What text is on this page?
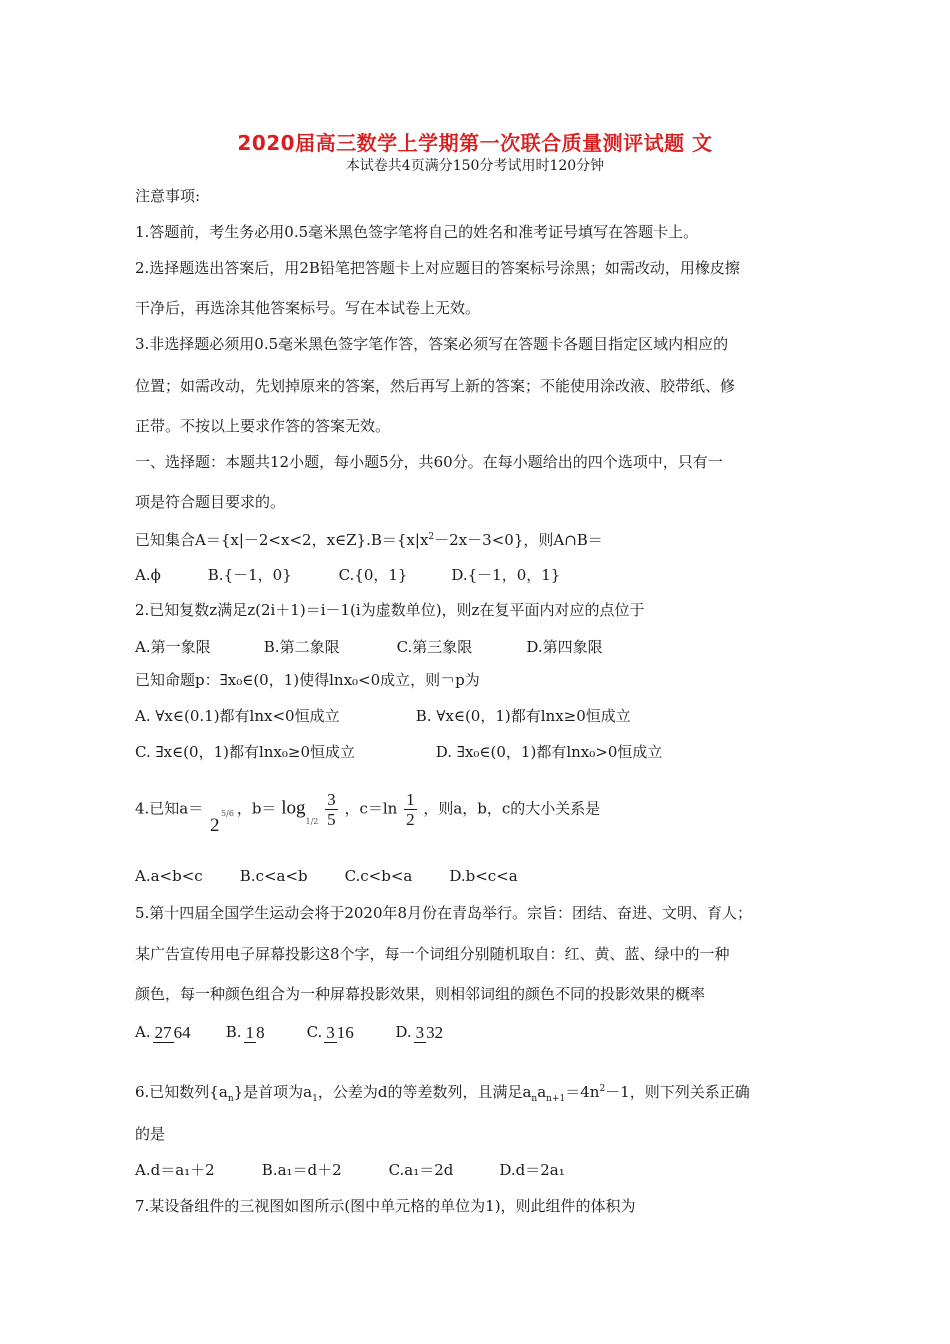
2020届高三数学上学期第一次联合质量测评试题 文
本试卷共4页满分150分考试用时120分钟
注意事项:
1.答题前，考生务必用0.5毫米黑色签字笔将自己的姓名和准考证号填写在答题卡上。
2.选择题选出答案后，用2B铅笔把答题卡上对应题目的答案标号涂黑；如需改动，用橡皮擦
干净后，再选涂其他答案标号。写在本试卷上无效。
3.非选择题必须用0.5毫米黑色签字笔作答，答案必须写在答题卡各题目指定区域内相应的
位置；如需改动，先划掉原来的答案，然后再写上新的答案；不能使用涂改液、胶带纸、修
正带。不按以上要求作答的答案无效。
一、选择题：本题共12小题，每小题5分，共60分。在每小题给出的四个选项中，只有一
项是符合题目要求的。
已知集合A＝{x|－2<x<2，$x\in Z\}.B=\{x|x^2-2x-3<0\}$，则A∩B＝
A.ϕ	B.{－1，0}	C.{0，1}	D.{－1，0，1}
2.已知复数z满足z(2i＋1)＝i－1(i为虚数单位)，则z在复平面内对应的点位于
A.第一象限	B.第二象限	C.第三象限	D.第四象限
已知命题p：∃x₀∈(0，1)使得lnx₀<0成立，则￢p为
A. ∀x∈(0.1)都有lnx<0恒成立	B. ∀x∈(0，1)都有lnx≥0恒成立
C. ∃x∈(0，1)都有lnx₀≥0恒成立	D. ∃x₀∈(0，1)都有lnx₀>0恒成立
4.已知a＝
2
5/6 ，$b= \log_{1/2} \frac{3}{5}$ ，$c=\ln \frac{1}{2}$ ，则a，b，c的大小关系是
A.a<b<c B.c<a<b C.c<b<a D.b<c<a
5.第十四届全国学生运动会将于2020年8月份在青岛举行。宗旨：团结、奋进、文明、育人；
某广告宣传用电子屏幕投影这8个字，每一个词组分别随机取自：红、黄、蓝、绿中的一种
颜色，每一种颜色组合为一种屏幕投影效果，则相邻词组的颜色不同的投影效果的概率
A. 27 64 B. 1 8	C. 3 16	D. 3 32
6.已知数列$\{a_n\}$是首项为$a_1$，公差为d的等差数列，且满足$a_na_{n+1}=4n^2-1$，则下列关系正确
的是
A.d＝a₁＋2	B.a₁＝d＋2	C.a₁＝2d	D.d＝2a₁
7.某设备组件的三视图如图所示(图中单元格的单位为1)，则此组件的体积为
